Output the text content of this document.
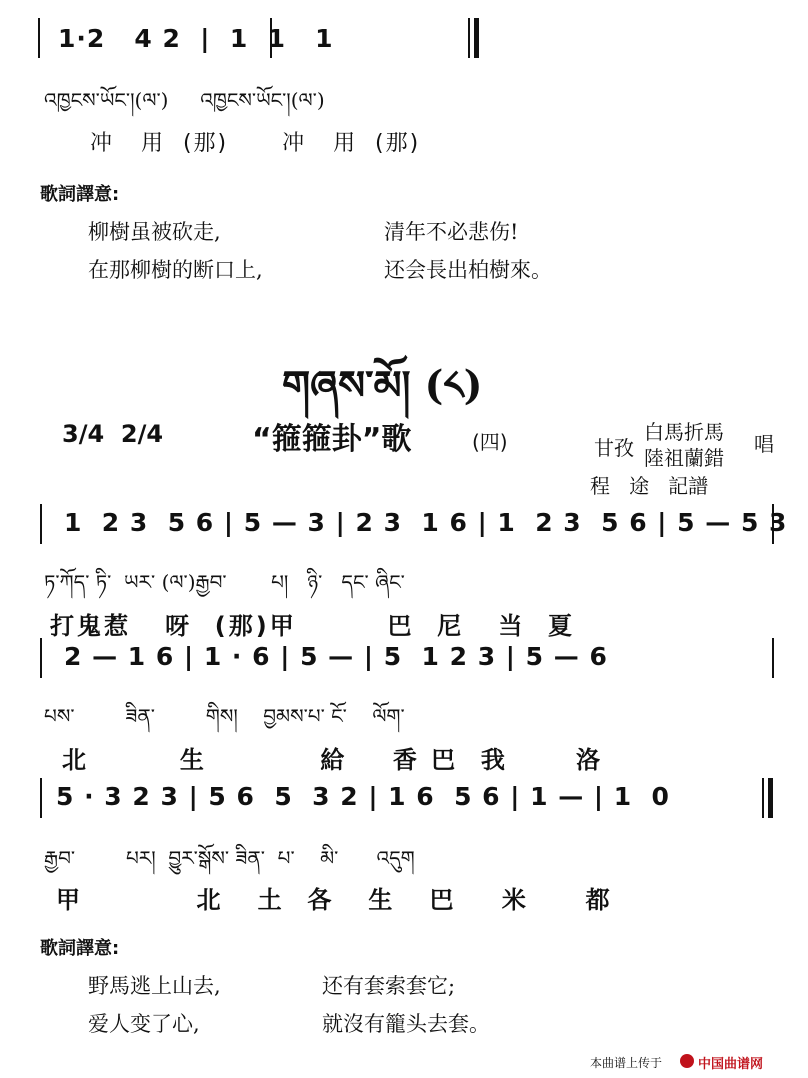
1·2   4 2  |  1  1   1
འཁྱངས་ཡོང་།(ལ་)     འཁྱངས་ཡོང་།(ལ་)
冲   用  (那)      冲   用  (那)
歌詞譯意:
柳樹虽被砍走,	清年不必悲伤!
在那柳樹的断口上,	还会長出柏樹來。
གཞས་མོ། (༨)
3/4  2/4	“箍箍卦”歌	(四)	甘孜
白馬折馬
陸祖蘭錯
唱
程   途   記譜
1  2 3  5 6 | 5 — 3 | 2 3  1 6 | 1  2 3  5 6 | 5 — 5 3
ཏ་ཀོད་ ཏི་  ཡར་ (ལ་)རྒྱབ་       པ།   ཉི་   དང་ ཞིང་
打鬼惹   呀  (那)甲        巴  尼   当  夏
2 — 1 6 | 1 · 6 | 5 — | 5  1 2 3 | 5 — 6
པས་        ཟིན་        གིས།    བྱམས་པ་ ངོ་    ལོག་
北        生          給    香 巴  我      洛
5 · 3 2 3 | 5 6  5  3 2 | 1 6  5 6 | 1 — | 1  0
རྒྱབ་        པར།  བྱུར་སྒོས་ ཟིན་  པ་    མི་      འདུག
甲          北   土  各   生   巴    米     都
歌詞譯意:
野馬逃上山去,	还有套索套它;
爱人变了心,	就沒有籠头去套。
本曲谱上传于	中国曲谱网
